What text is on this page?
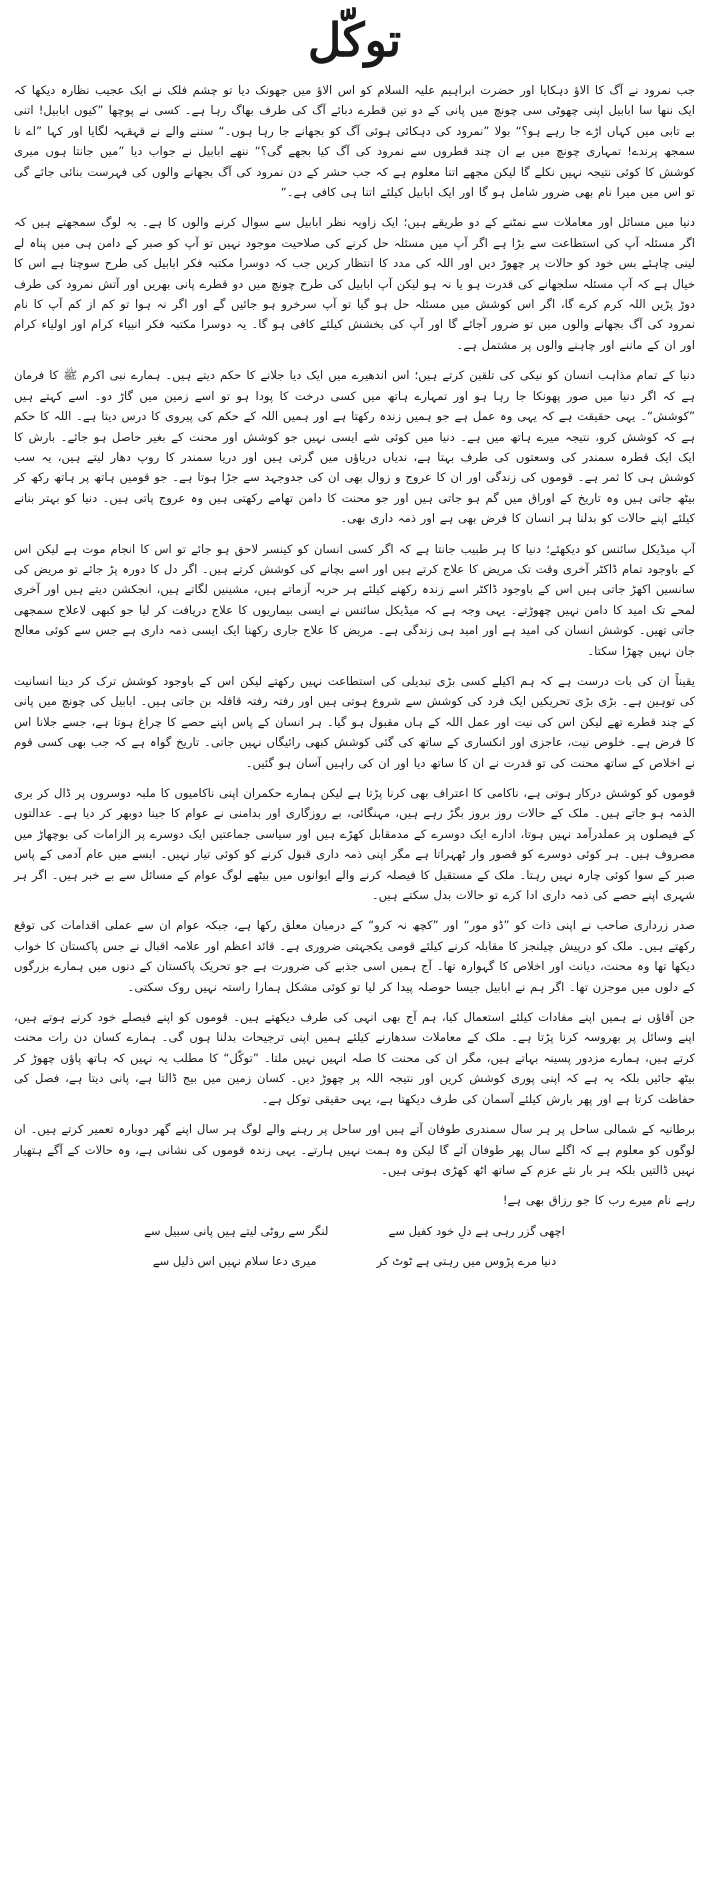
توکّل

جب نمرود نے آگ کا الاؤ دہکایا اور حضرت ابراہیم علیہ السلام کو اس الاؤ میں جھونک دیا تو چشم فلک نے ایک عجیب نظارہ دیکھا کہ ایک ننھا سا ابابیل اپنی چھوٹی سی چونچ میں پانی کے دو تین قطرے دبائے آگ کی طرف بھاگ رہا ہے۔ کسی نے پوچھا ”کیوں ابابیل! اتنی بے تابی میں کہاں اڑے جا رہے ہو؟“ بولا ”نمرود کی دہکائی ہوئی آگ کو بجھانے جا رہا ہوں۔“ سننے والے نے قہقہہ لگایا اور کہا ”اے نا سمجھ پرندے! تمہاری چونچ میں بے ان چند قطروں سے نمرود کی آگ کیا بجھے گی؟“ ننھے ابابیل نے جواب دیا ”میں جانتا ہوں میری کوشش کا کوئی نتیجہ نہیں نکلے گا لیکن مجھے اتنا معلوم ہے کہ جب حشر کے دن نمرود کی آگ بجھانے والوں کی فہرست بنائی جائے گی تو اس میں میرا نام بھی ضرور شامل ہو گا اور ایک ابابیل کیلئے اتنا ہی کافی ہے۔“

دنیا میں مسائل اور معاملات سے نمٹنے کے دو طریقے ہیں؛ ایک زاویہ نظر ابابیل سے سوال کرنے والوں کا ہے۔ یہ لوگ سمجھتے ہیں کہ اگر مسئلہ آپ کی استطاعت سے بڑا ہے اگر آپ میں مسئلہ حل کرنے کی صلاحیت موجود نہیں تو آپ کو صبر کے دامن ہی میں پناہ لے لینی چاہئے بس خود کو حالات پر چھوڑ دیں اور اللہ کی مدد کا انتظار کریں جب کہ دوسرا مکتبہ فکر ابابیل کی طرح سوچتا ہے اس کا خیال ہے کہ آپ مسئلہ سلجھانے کی قدرت ہو یا نہ ہو لیکن آپ ابابیل کی طرح چونچ میں دو قطرے پانی بھریں اور آتش نمرود کی طرف دوڑ پڑیں اللہ کرم کرے گا، اگر اس کوشش میں مسئلہ حل ہو گیا تو آپ سرخرو ہو جائیں گے اور اگر نہ ہوا تو کم از کم آپ کا نام نمرود کی آگ بجھانے والوں میں تو ضرور آجائے گا اور آپ کی بخشش کیلئے کافی ہو گا۔ یہ دوسرا مکتبہ فکر انبیاء کرام اور اولیاء کرام اور ان کے ماننے اور چاہنے والوں پر مشتمل ہے۔

دنیا کے تمام مذاہب انسان کو نیکی کی تلقین کرتے ہیں؛ اس اندھیرے میں ایک دیا جلانے کا حکم دیتے ہیں۔ ہمارے نبی اکرم ﷺ کا فرمان ہے کہ اگر دنیا میں صور پھونکا جا رہا ہو اور تمہارے ہاتھ میں کسی درخت کا پودا ہو تو اسے زمین میں گاڑ دو۔ اسے کہتے ہیں ”کوشش“۔ یہی حقیقت ہے کہ یہی وہ عمل ہے جو ہمیں زندہ رکھتا ہے اور ہمیں اللہ کے حکم کی پیروی کا درس دیتا ہے۔ اللہ کا حکم ہے کہ کوشش کرو، نتیجہ میرے ہاتھ میں ہے۔ دنیا میں کوئی شے ایسی نہیں جو کوشش اور محنت کے بغیر حاصل ہو جائے۔ بارش کا ایک ایک قطرہ سمندر کی وسعتوں کی طرف بہتا ہے، ندیاں دریاؤں میں گرتی ہیں اور دریا سمندر کا روپ دھار لیتے ہیں، یہ سب کوشش ہی کا ثمر ہے۔ قوموں کی زندگی اور ان کا عروج و زوال بھی ان کی جدوجہد سے جڑا ہوتا ہے۔ جو قومیں ہاتھ پر ہاتھ رکھ کر بیٹھ جاتی ہیں وہ تاریخ کے اوراق میں گم ہو جاتی ہیں اور جو محنت کا دامن تھامے رکھتی ہیں وہ عروج پاتی ہیں۔ دنیا کو بہتر بنانے کیلئے اپنے حالات کو بدلنا ہر انسان کا فرض بھی ہے اور ذمہ داری بھی۔

آپ میڈیکل سائنس کو دیکھئے؛ دنیا کا ہر طبیب جانتا ہے کہ اگر کسی انسان کو کینسر لاحق ہو جائے تو اس کا انجام موت ہے لیکن اس کے باوجود تمام ڈاکٹر آخری وقت تک مریض کا علاج کرتے ہیں اور اسے بچانے کی کوشش کرتے ہیں۔ اگر دل کا دورہ پڑ جائے تو مریض کی سانسیں اکھڑ جاتی ہیں اس کے باوجود ڈاکٹر اسے زندہ رکھنے کیلئے ہر حربہ آزماتے ہیں، مشینیں لگاتے ہیں، انجکشن دیتے ہیں اور آخری لمحے تک امید کا دامن نہیں چھوڑتے۔ یہی وجہ ہے کہ میڈیکل سائنس نے ایسی بیماریوں کا علاج دریافت کر لیا جو کبھی لاعلاج سمجھی جاتی تھیں۔ کوشش انسان کی امید ہے اور امید ہی زندگی ہے۔ مریض کا علاج جاری رکھنا ایک ایسی ذمہ داری ہے جس سے کوئی معالج جان نہیں چھڑا سکتا۔

یقیناً ان کی بات درست ہے کہ ہم اکیلے کسی بڑی تبدیلی کی استطاعت نہیں رکھتے لیکن اس کے باوجود کوشش ترک کر دینا انسانیت کی توہین ہے۔ بڑی بڑی تحریکیں ایک فرد کی کوشش سے شروع ہوتی ہیں اور رفتہ رفتہ قافلہ بن جاتی ہیں۔ ابابیل کی چونچ میں پانی کے چند قطرے تھے لیکن اس کی نیت اور عمل اللہ کے ہاں مقبول ہو گیا۔ ہر انسان کے پاس اپنے حصے کا چراغ ہوتا ہے، جسے جلانا اس کا فرض ہے۔ خلوص نیت، عاجزی اور انکساری کے ساتھ کی گئی کوشش کبھی رائیگاں نہیں جاتی۔ تاریخ گواہ ہے کہ جب بھی کسی قوم نے اخلاص کے ساتھ محنت کی تو قدرت نے ان کا ساتھ دیا اور ان کی راہیں آسان ہو گئیں۔

قوموں کو کوشش درکار ہوتی ہے، ناکامی کا اعتراف بھی کرنا پڑتا ہے لیکن ہمارے حکمران اپنی ناکامیوں کا ملبہ دوسروں پر ڈال کر بری الذمہ ہو جاتے ہیں۔ ملک کے حالات روز بروز بگڑ رہے ہیں، مہنگائی، بے روزگاری اور بدامنی نے عوام کا جینا دوبھر کر دیا ہے۔ عدالتوں کے فیصلوں پر عملدرآمد نہیں ہوتا، ادارے ایک دوسرے کے مدمقابل کھڑے ہیں اور سیاسی جماعتیں ایک دوسرے پر الزامات کی بوچھاڑ میں مصروف ہیں۔ ہر کوئی دوسرے کو قصور وار ٹھہراتا ہے مگر اپنی ذمہ داری قبول کرنے کو کوئی تیار نہیں۔ ایسے میں عام آدمی کے پاس صبر کے سوا کوئی چارہ نہیں رہتا۔ ملک کے مستقبل کا فیصلہ کرنے والے ایوانوں میں بیٹھے لوگ عوام کے مسائل سے بے خبر ہیں۔ اگر ہر شہری اپنے حصے کی ذمہ داری ادا کرے تو حالات بدل سکتے ہیں۔

صدر زرداری صاحب نے اپنی ذات کو ”ڈو مور“ اور ”کچھ نہ کرو“ کے درمیان معلق رکھا ہے، جبکہ عوام ان سے عملی اقدامات کی توقع رکھتے ہیں۔ ملک کو درپیش چیلنجز کا مقابلہ کرنے کیلئے قومی یکجہتی ضروری ہے۔ قائد اعظم اور علامہ اقبال نے جس پاکستان کا خواب دیکھا تھا وہ محنت، دیانت اور اخلاص کا گہوارہ تھا۔ آج ہمیں اسی جذبے کی ضرورت ہے جو تحریک پاکستان کے دنوں میں ہمارے بزرگوں کے دلوں میں موجزن تھا۔ اگر ہم نے ابابیل جیسا حوصلہ پیدا کر لیا تو کوئی مشکل ہمارا راستہ نہیں روک سکتی۔

جن آقاؤں نے ہمیں اپنے مفادات کیلئے استعمال کیا، ہم آج بھی انہی کی طرف دیکھتے ہیں۔ قوموں کو اپنے فیصلے خود کرنے ہوتے ہیں، اپنے وسائل پر بھروسہ کرنا پڑتا ہے۔ ملک کے معاملات سدھارنے کیلئے ہمیں اپنی ترجیحات بدلنا ہوں گی۔ ہمارے کسان دن رات محنت کرتے ہیں، ہمارے مزدور پسینہ بہاتے ہیں، مگر ان کی محنت کا صلہ انہیں نہیں ملتا۔ ”توکّل“ کا مطلب یہ نہیں کہ ہاتھ پاؤں چھوڑ کر بیٹھ جائیں بلکہ یہ ہے کہ اپنی پوری کوشش کریں اور نتیجہ اللہ پر چھوڑ دیں۔ کسان زمین میں بیج ڈالتا ہے، پانی دیتا ہے، فصل کی حفاظت کرتا ہے اور پھر بارش کیلئے آسمان کی طرف دیکھتا ہے، یہی حقیقی توکل ہے۔

برطانیہ کے شمالی ساحل پر ہر سال سمندری طوفان آتے ہیں اور ساحل پر رہنے والے لوگ ہر سال اپنے گھر دوبارہ تعمیر کرتے ہیں۔ ان لوگوں کو معلوم ہے کہ اگلے سال پھر طوفان آئے گا لیکن وہ ہمت نہیں ہارتے۔ یہی زندہ قوموں کی نشانی ہے، وہ حالات کے آگے ہتھیار نہیں ڈالتیں بلکہ ہر بار نئے عزم کے ساتھ اٹھ کھڑی ہوتی ہیں۔

رہے نام میرے رب کا جو رزاق بھی ہے!

اچھی گزر رہی ہے دلِ خود کفیل سے
لنگر سے روٹی لیتے ہیں پانی سبیل سے
دنیا مرے پڑوس میں رہتی ہے ٹوٹ کر
میری دعا سلام نہیں اس ذلیل سے
